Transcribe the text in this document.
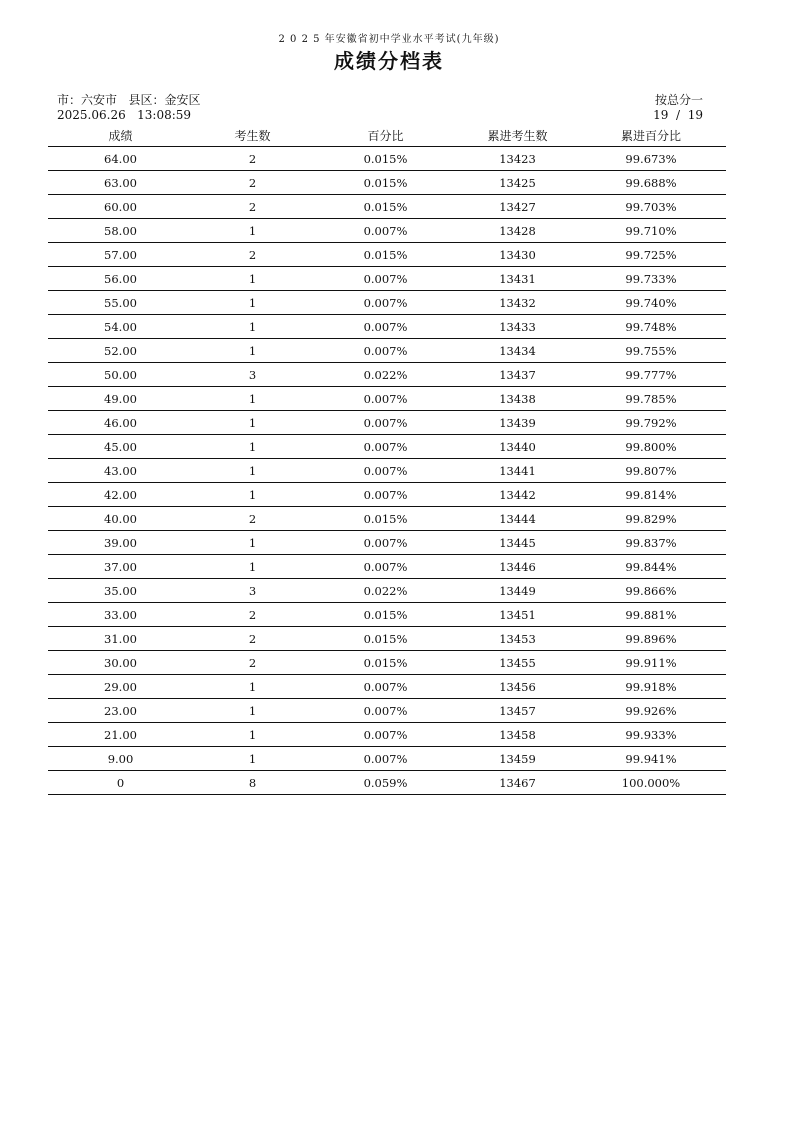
2 0 2 5 年安徽省初中学业水平考试(九年级)
成绩分档表
市：六安市   县区：金安区
2025.06.26   13:08:59
按总分一
19  /  19
成绩	考生数	百分比	累进考生数	累进百分比
64.00	2	0.015%	13423	99.673%
63.00	2	0.015%	13425	99.688%
60.00	2	0.015%	13427	99.703%
58.00	1	0.007%	13428	99.710%
57.00	2	0.015%	13430	99.725%
56.00	1	0.007%	13431	99.733%
55.00	1	0.007%	13432	99.740%
54.00	1	0.007%	13433	99.748%
52.00	1	0.007%	13434	99.755%
50.00	3	0.022%	13437	99.777%
49.00	1	0.007%	13438	99.785%
46.00	1	0.007%	13439	99.792%
45.00	1	0.007%	13440	99.800%
43.00	1	0.007%	13441	99.807%
42.00	1	0.007%	13442	99.814%
40.00	2	0.015%	13444	99.829%
39.00	1	0.007%	13445	99.837%
37.00	1	0.007%	13446	99.844%
35.00	3	0.022%	13449	99.866%
33.00	2	0.015%	13451	99.881%
31.00	2	0.015%	13453	99.896%
30.00	2	0.015%	13455	99.911%
29.00	1	0.007%	13456	99.918%
23.00	1	0.007%	13457	99.926%
21.00	1	0.007%	13458	99.933%
9.00	1	0.007%	13459	99.941%
0	8	0.059%	13467	100.000%
